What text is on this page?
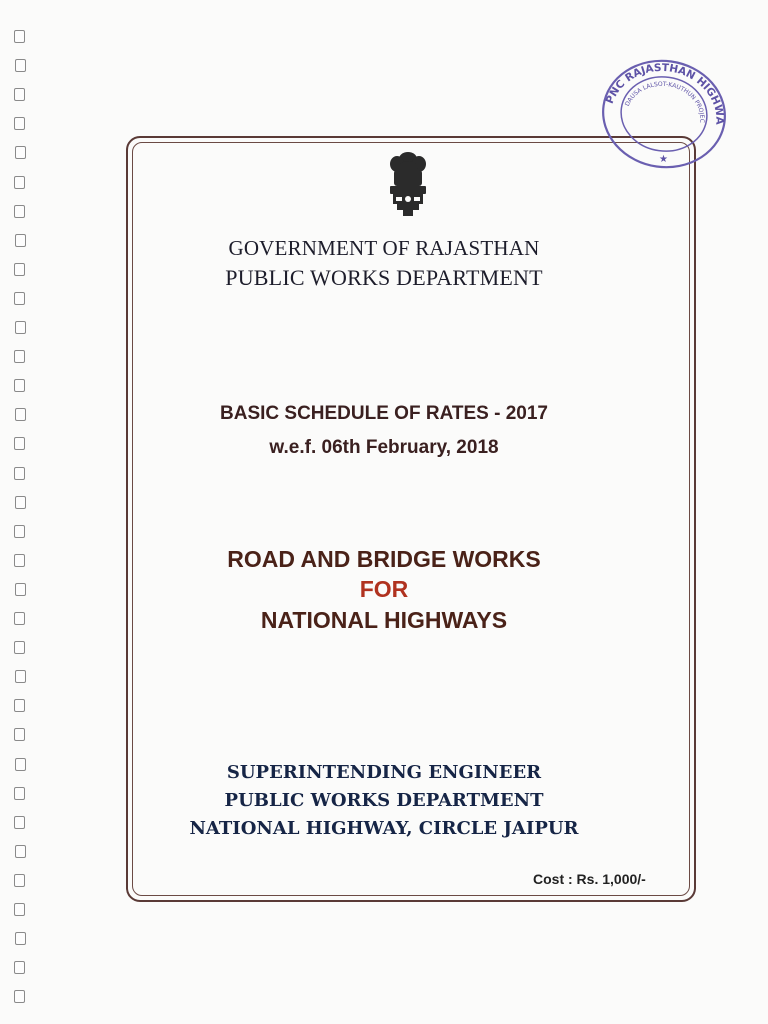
GOVERNMENT OF RAJASTHAN
PUBLIC WORKS DEPARTMENT
BASIC SCHEDULE OF RATES - 2017
w.e.f. 06th February, 2018
ROAD AND BRIDGE WORKS
FOR
NATIONAL HIGHWAYS
SUPERINTENDING ENGINEER
PUBLIC WORKS DEPARTMENT
NATIONAL HIGHWAY, CIRCLE JAIPUR
Cost : Rs. 1,000/-
PNC RAJASTHAN HIGHWAYS
DAUSA LALSOT-KAUTHUN PROJECT
★
